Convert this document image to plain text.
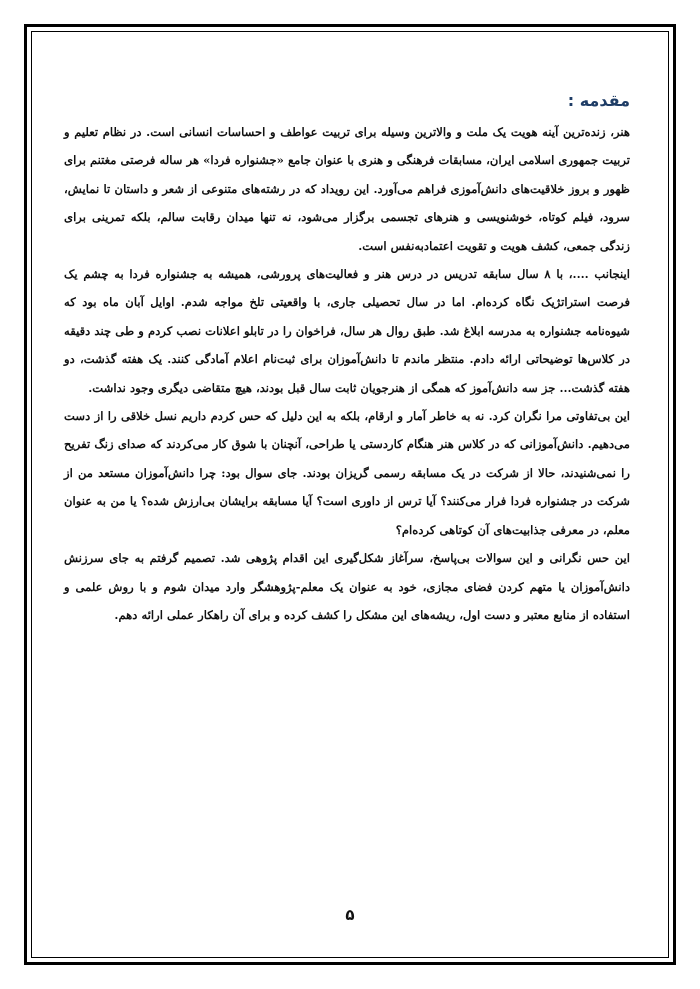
مقدمه :

هنر، زنده‌ترین آینه هویت یک ملت و والاترین وسیله برای تربیت عواطف و احساسات انسانی است. در نظام تعلیم و تربیت جمهوری اسلامی ایران، مسابقات فرهنگی و هنری با عنوان جامع «جشنواره فردا» هر ساله فرصتی مغتنم برای ظهور و بروز خلاقیت‌های دانش‌آموزی فراهم می‌آورد. این رویداد که در رشته‌های متنوعی از شعر و داستان تا نمایش، سرود، فیلم کوتاه، خوشنویسی و هنرهای تجسمی برگزار می‌شود، نه تنها میدان رقابت سالم، بلکه تمرینی برای زندگی جمعی، کشف هویت و تقویت اعتمادبه‌نفس است.

اینجانب ....، با ۸ سال سابقه تدریس در درس هنر و فعالیت‌های پرورشی، همیشه به جشنواره فردا به چشم یک فرصت استراتژیک نگاه کرده‌ام. اما در سال تحصیلی جاری، با واقعیتی تلخ مواجه شدم. اوایل آبان ماه بود که شیوه‌نامه جشنواره به مدرسه ابلاغ شد. طبق روال هر سال، فراخوان را در تابلو اعلانات نصب کردم و طی چند دقیقه در کلاس‌ها توضیحاتی ارائه دادم. منتظر ماندم تا دانش‌آموزان برای ثبت‌نام اعلام آمادگی کنند. یک هفته گذشت، دو هفته گذشت... جز سه دانش‌آموز که همگی از هنرجویان ثابت سال قبل بودند، هیچ متقاضی دیگری وجود نداشت.

این بی‌تفاوتی مرا نگران کرد. نه به خاطر آمار و ارقام، بلکه به این دلیل که حس کردم داریم نسل خلاقی را از دست می‌دهیم. دانش‌آموزانی که در کلاس هنر هنگام کاردستی یا طراحی، آنچنان با شوق کار می‌کردند که صدای زنگ تفریح را نمی‌شنیدند، حالا از شرکت در یک مسابقه رسمی گریزان بودند. جای سوال بود: چرا دانش‌آموزان مستعد من از شرکت در جشنواره فردا فرار می‌کنند؟ آیا ترس از داوری است؟ آیا مسابقه برایشان بی‌ارزش شده؟ یا من به عنوان معلم، در معرفی جذابیت‌های آن کوتاهی کرده‌ام؟

این حس نگرانی و این سوالات بی‌پاسخ، سرآغاز شکل‌گیری این اقدام پژوهی شد. تصمیم گرفتم به جای سرزنش دانش‌آموزان یا متهم کردن فضای مجازی، خود به عنوان یک معلم-پژوهشگر وارد میدان شوم و با روش علمی و استفاده از منابع معتبر و دست اول، ریشه‌های این مشکل را کشف کرده و برای آن راهکار عملی ارائه دهم.

۵
